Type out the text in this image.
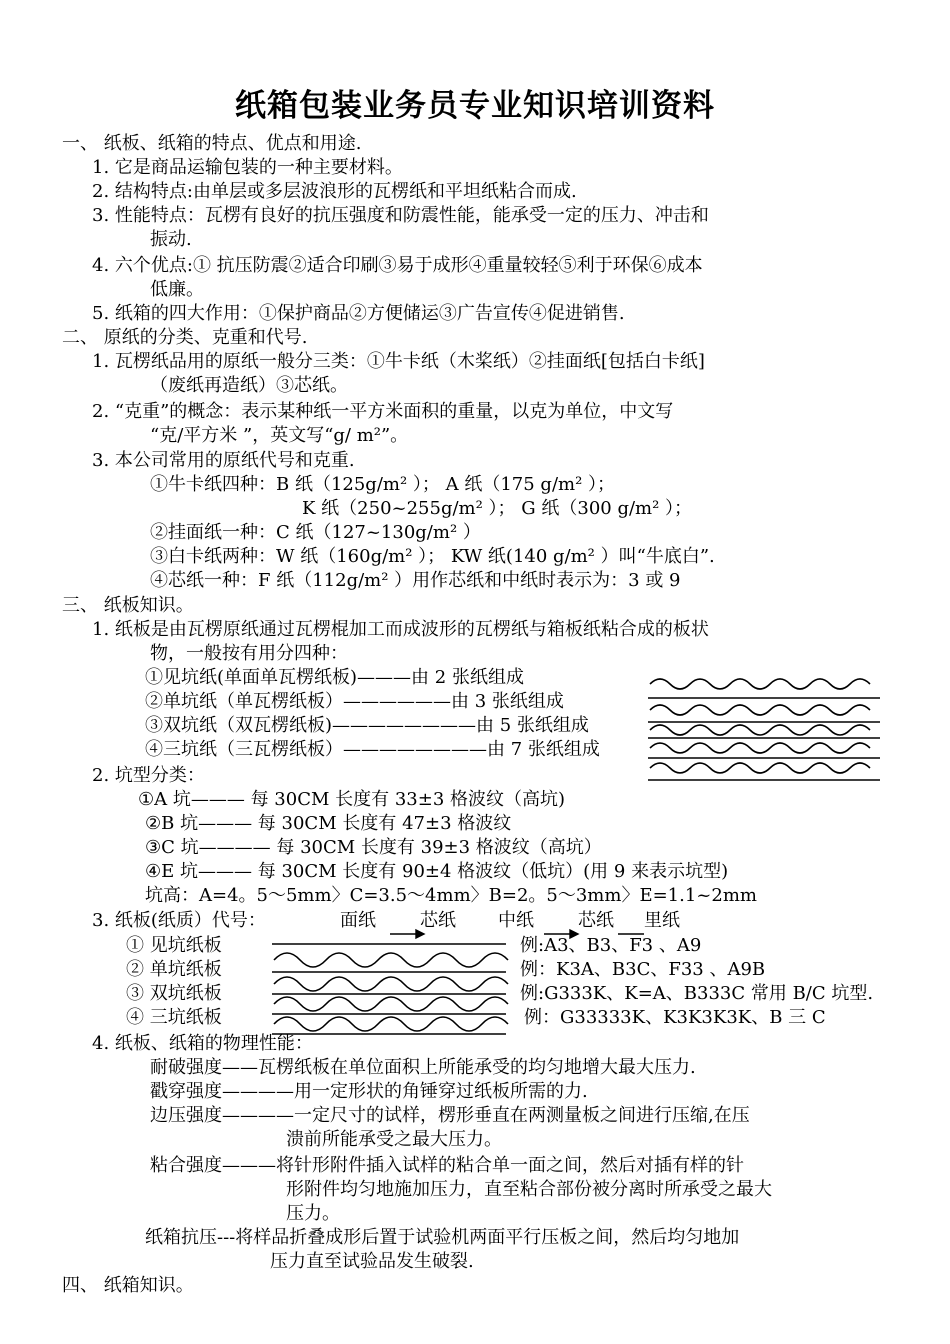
纸箱包装业务员专业知识培训资料
一、 纸板、纸箱的特点、优点和用途.
1. 它是商品运输包装的一种主要材料。
2. 结构特点:由单层或多层波浪形的瓦楞纸和平坦纸粘合而成.
3. 性能特点：瓦楞有良好的抗压强度和防震性能，能承受一定的压力、冲击和
振动.
4. 六个优点:① 抗压防震②适合印刷③易于成形④重量较轻⑤利于环保⑥成本
低廉。
5. 纸箱的四大作用：①保护商品②方便储运③广告宣传④促进销售.
二、 原纸的分类、克重和代号.
1. 瓦楞纸品用的原纸一般分三类：①牛卡纸（木桨纸）②挂面纸[包括白卡纸]
（废纸再造纸）③芯纸。
2. “克重”的概念：表示某种纸一平方米面积的重量，以克为单位，中文写
“克/平方米 ”，英文写“g/ m²”。
3. 本公司常用的原纸代号和克重.
①牛卡纸四种：B 纸（125g/m² ）； A 纸（175 g/m² ）；
K 纸（250~255g/m² ）； G 纸（300 g/m² ）；
②挂面纸一种：C 纸（127~130g/m² ）
③白卡纸两种：W 纸（160g/m² ）； KW 纸(140 g/m² ）叫“牛底白”.
④芯纸一种：F 纸（112g/m² ）用作芯纸和中纸时表示为：3 或 9
三、 纸板知识。
1. 纸板是由瓦楞原纸通过瓦楞棍加工而成波形的瓦楞纸与箱板纸粘合成的板状
物，一般按有用分四种：
①见坑纸(单面单瓦楞纸板)———由 2 张纸组成
②单坑纸（单瓦楞纸板）——————由 3 张纸组成
③双坑纸（双瓦楞纸板)————————由 5 张纸组成
④三坑纸（三瓦楞纸板）————————由 7 张纸组成
2. 坑型分类：
①A 坑——— 每 30CM 长度有 33±3 格波纹（高坑)
②B 坑——— 每 30CM 长度有 47±3 格波纹
③C 坑———— 每 30CM 长度有 39±3 格波纹（高坑）
④E 坑——— 每 30CM 长度有 90±4 格波纹（低坑）(用 9 来表示坑型)
坑高：A=4。5～5mm〉C=3.5～4mm〉B=2。5～3mm〉E=1.1~2mm
3. 纸板(纸质）代号：	面纸 芯纸 中纸 芯纸 里纸
① 见坑纸板
② 单坑纸板
③ 双坑纸板
④ 三坑纸板
例:A3、B3、F3 、A9
例：K3A、B3C、F33 、A9B
例:G333K、K=A、B333C 常用 B/C 坑型.
例：G33333K、K3K3K3K、B 三 C
4. 纸板、纸箱的物理性能：
耐破强度——瓦楞纸板在单位面积上所能承受的均匀地增大最大压力.
戳穿强度————用一定形状的角锤穿过纸板所需的力.
边压强度————一定尺寸的试样，楞形垂直在两测量板之间进行压缩,在压
溃前所能承受之最大压力。
粘合强度———将针形附件插入试样的粘合单一面之间，然后对插有样的针
形附件均匀地施加压力，直至粘合部份被分离时所承受之最大
压力。
纸箱抗压---将样品折叠成形后置于试验机两面平行压板之间，然后均匀地加
压力直至试验品发生破裂.
四、 纸箱知识。
